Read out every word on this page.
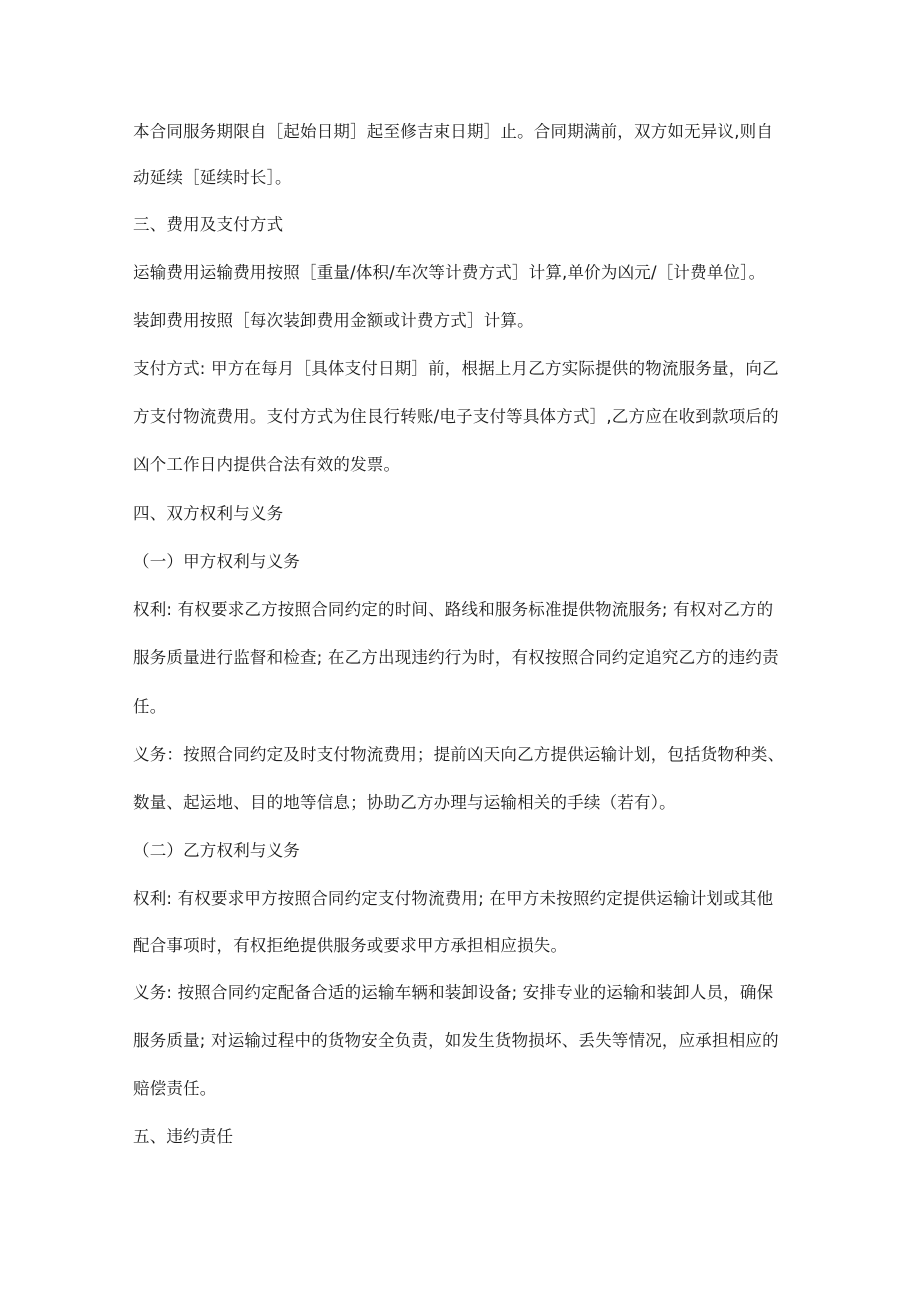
本合同服务期限自［起始日期］起至修吉束日期］止。合同期满前，双方如无异议,则自
动延续［延续时长］。
三、费用及支付方式
运输费用运输费用按照［重量/体积/车次等计费方式］计算,单价为凶元/［计费单位］。
装卸费用按照［每次装卸费用金额或计费方式］计算。
支付方式: 甲方在每月［具体支付日期］前，根据上月乙方实际提供的物流服务量，向乙
方支付物流费用。支付方式为住艮行转账/电子支付等具体方式］,乙方应在收到款项后的
凶个工作日内提供合法有效的发票。
四、双方权利与义务
（一）甲方权利与义务
权利: 有权要求乙方按照合同约定的时间、路线和服务标准提供物流服务; 有权对乙方的
服务质量进行监督和检查; 在乙方出现违约行为时，有权按照合同约定追究乙方的违约责
任。
义务：按照合同约定及时支付物流费用；提前凶天向乙方提供运输计划，包括货物种类、
数量、起运地、目的地等信息；协助乙方办理与运输相关的手续（若有）。
（二）乙方权利与义务
权利: 有权要求甲方按照合同约定支付物流费用; 在甲方未按照约定提供运输计划或其他
配合事项时，有权拒绝提供服务或要求甲方承担相应损失。
义务: 按照合同约定配备合适的运输车辆和装卸设备; 安排专业的运输和装卸人员，确保
服务质量; 对运输过程中的货物安全负责，如发生货物损坏、丢失等情况，应承担相应的
赔偿责任。
五、违约责任
